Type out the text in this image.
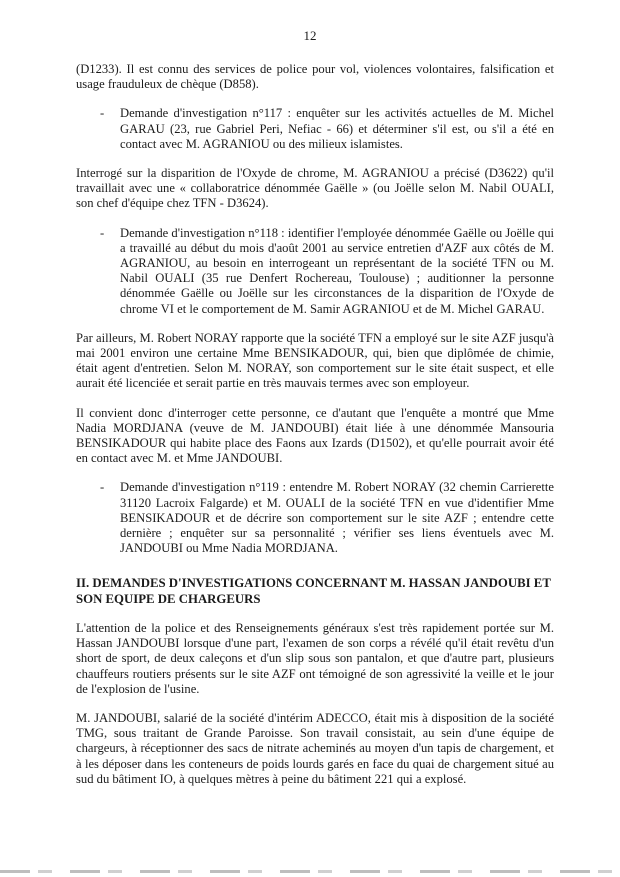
12

(D1233). Il est connu des services de police pour vol, violences volontaires, falsification et usage frauduleux de chèque (D858).

- Demande d'investigation n°117 : enquêter sur les activités actuelles de M. Michel GARAU (23, rue Gabriel Peri, Nefiac - 66) et déterminer s'il est, ou s'il a été en contact avec M. AGRANIOU ou des milieux islamistes.

Interrogé sur la disparition de l'Oxyde de chrome, M. AGRANIOU a précisé (D3622) qu'il travaillait avec une « collaboratrice dénommée Gaëlle » (ou Joëlle selon M. Nabil OUALI, son chef d'équipe chez TFN - D3624).

- Demande d'investigation n°118 : identifier l'employée dénommée Gaëlle ou Joëlle qui a travaillé au début du mois d'août 2001 au service entretien d'AZF aux côtés de M. AGRANIOU, au besoin en interrogeant un représentant de la société TFN ou M. Nabil OUALI (35 rue Denfert Rochereau, Toulouse) ; auditionner la personne dénommée Gaëlle ou Joëlle sur les circonstances de la disparition de l'Oxyde de chrome VI et le comportement de M. Samir AGRANIOU et de M. Michel GARAU.

Par ailleurs, M. Robert NORAY rapporte que la société TFN a employé sur le site AZF jusqu'à mai 2001 environ une certaine Mme BENSIKADOUR, qui, bien que diplômée de chimie, était agent d'entretien. Selon M. NORAY, son comportement sur le site était suspect, et elle aurait été licenciée et serait partie en très mauvais termes avec son employeur.

Il convient donc d'interroger cette personne, ce d'autant que l'enquête a montré que Mme Nadia MORDJANA (veuve de M. JANDOUBI) était liée à une dénommée Mansouria BENSIKADOUR qui habite place des Faons aux Izards (D1502), et qu'elle pourrait avoir été en contact avec M. et Mme JANDOUBI.

- Demande d'investigation n°119 : entendre M. Robert NORAY (32 chemin Carrierette 31120 Lacroix Falgarde) et M. OUALI de la société TFN en vue d'identifier Mme BENSIKADOUR et de décrire son comportement sur le site AZF ; entendre cette dernière ; enquêter sur sa personnalité ; vérifier ses liens éventuels avec M. JANDOUBI ou Mme Nadia MORDJANA.
II. DEMANDES D'INVESTIGATIONS CONCERNANT M. HASSAN JANDOUBI ET SON EQUIPE DE CHARGEURS

L'attention de la police et des Renseignements généraux s'est très rapidement portée sur M. Hassan JANDOUBI lorsque d'une part, l'examen de son corps a révélé qu'il était revêtu d'un short de sport, de deux caleçons et d'un slip sous son pantalon, et que d'autre part, plusieurs chauffeurs routiers présents sur le site AZF ont témoigné de son agressivité la veille et le jour de l'explosion de l'usine.

M. JANDOUBI, salarié de la société d'intérim ADECCO, était mis à disposition de la société TMG, sous traitant de Grande Paroisse. Son travail consistait, au sein d'une équipe de chargeurs, à réceptionner des sacs de nitrate acheminés au moyen d'un tapis de chargement, et à les déposer dans les conteneurs de poids lourds garés en face du quai de chargement situé au sud du bâtiment IO, à quelques mètres à peine du bâtiment 221 qui a explosé.
